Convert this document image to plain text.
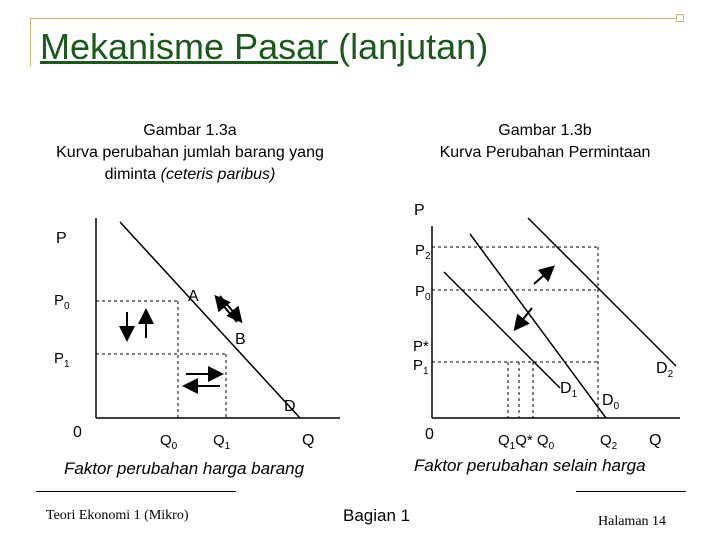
Mekanisme Pasar (lanjutan)
Gambar 1.3a
Kurva perubahan jumlah barang yang
diminta (ceteris paribus)
Gambar 1.3b
Kurva Perubahan Permintaan
P
$P_0$
$P_1$
A
B
D
0	$Q_0$ $Q_1$	Q
Faktor perubahan harga barang
P
$P_2$
$P_0$
P*
$P_1$
$D_1$ $D_0$
$D_2$
0	$Q_1Q*$ $Q_0$	$Q_2$ Q
Faktor perubahan selain harga
Teori Ekonomi 1 (Mikro)	Bagian 1	Halaman 14
